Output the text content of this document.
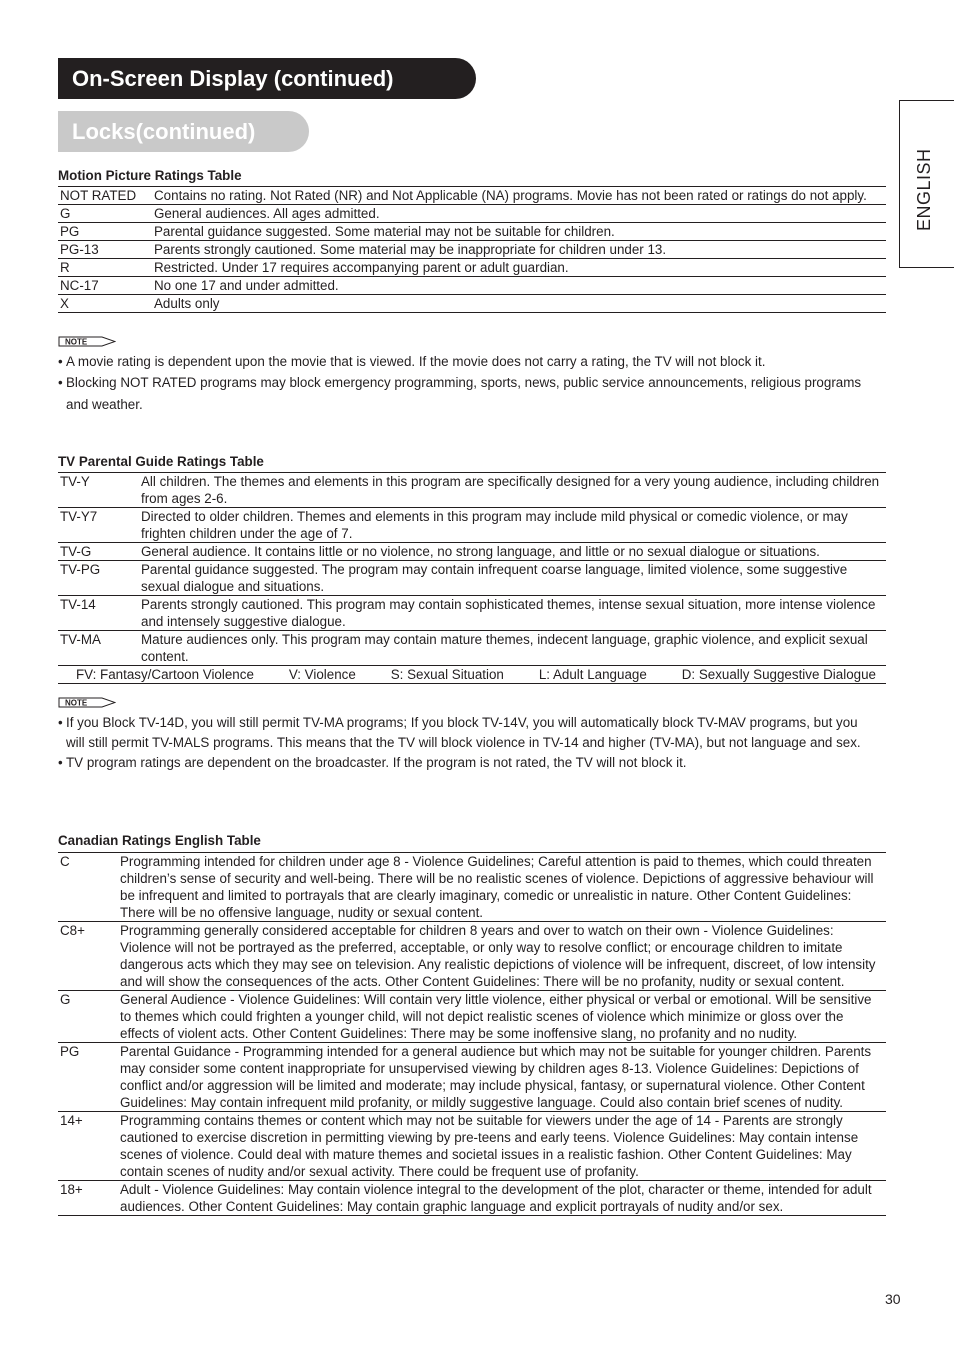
On-Screen Display (continued)
Locks(continued)
ENGLISH
Motion Picture Ratings Table
NOT RATED	Contains no rating. Not Rated (NR) and Not Applicable (NA) programs. Movie has not been rated or ratings do not apply.
G	General audiences. All ages admitted.
PG	Parental guidance suggested. Some material may not be suitable for children.
PG-13	Parents strongly cautioned. Some material may be inappropriate for children under 13.
R	Restricted. Under 17 requires accompanying parent or adult guardian.
NC-17	No one 17 and under admitted.
X	Adults only
NOTE
• A movie rating is dependent upon the movie that is viewed. If the movie does not carry a rating, the TV will not block it.
• Blocking NOT RATED programs may block emergency programming, sports, news, public service announcements, religious programs and weather.
TV Parental Guide Ratings Table
TV-Y	All children. The themes and elements in this program are specifically designed for a very young audience, including children from ages 2-6.
TV-Y7	Directed to older children. Themes and elements in this program may include mild physical or comedic violence, or may frighten children under the age of 7.
TV-G	General audience. It contains little or no violence, no strong language, and little or no sexual dialogue or situations.
TV-PG	Parental guidance suggested. The program may contain infrequent coarse language, limited violence, some suggestive sexual dialogue and situations.
TV-14	Parents strongly cautioned. This program may contain sophisticated themes, intense sexual situation, more intense violence and intensely suggestive dialogue.
TV-MA	Mature audiences only. This program may contain mature themes, indecent language, graphic violence, and explicit sexual content.
FV: Fantasy/Cartoon Violence	V: Violence	S: Sexual Situation	L: Adult Language	D: Sexually Suggestive Dialogue
NOTE
• If you Block TV-14D, you will still permit TV-MA programs; If you block TV-14V, you will automatically block TV-MAV programs, but you will still permit TV-MALS programs. This means that the TV will block violence in TV-14 and higher (TV-MA), but not language and sex.
• TV program ratings are dependent on the broadcaster. If the program is not rated, the TV will not block it.
Canadian Ratings English Table
C	Programming intended for children under age 8 - Violence Guidelines; Careful attention is paid to themes, which could threaten children’s sense of security and well-being. There will be no realistic scenes of violence. Depictions of aggressive behaviour will be infrequent and limited to portrayals that are clearly imaginary, comedic or unrealistic in nature. Other Content Guidelines: There will be no offensive language, nudity or sexual content.
C8+	Programming generally considered acceptable for children 8 years and over to watch on their own - Violence Guidelines: Violence will not be portrayed as the preferred, acceptable, or only way to resolve conflict; or encourage children to imitate dangerous acts which they may see on television. Any realistic depictions of violence will be infrequent, discreet, of low intensity and will show the consequences of the acts. Other Content Guidelines: There will be no profanity, nudity or sexual content.
G	General Audience - Violence Guidelines: Will contain very little violence, either physical or verbal or emotional. Will be sensitive to themes which could frighten a younger child, will not depict realistic scenes of violence which minimize or gloss over the effects of violent acts. Other Content Guidelines: There may be some inoffensive slang, no profanity and no nudity.
PG	Parental Guidance - Programming intended for a general audience but which may not be suitable for younger children. Parents may consider some content inappropriate for unsupervised viewing by children ages 8-13. Violence Guidelines: Depictions of conflict and/or aggression will be limited and moderate; may include physical, fantasy, or supernatural violence. Other Content Guidelines: May contain infrequent mild profanity, or mildly suggestive language. Could also contain brief scenes of nudity.
14+	Programming contains themes or content which may not be suitable for viewers under the age of 14 - Parents are strongly cautioned to exercise discretion in permitting viewing by pre-teens and early teens. Violence Guidelines: May contain intense scenes of violence. Could deal with mature themes and societal issues in a realistic fashion. Other Content Guidelines: May contain scenes of nudity and/or sexual activity. There could be frequent use of profanity.
18+	Adult - Violence Guidelines: May contain violence integral to the development of the plot, character or theme, intended for adult audiences. Other Content Guidelines: May contain graphic language and explicit portrayals of nudity and/or sex.
30
